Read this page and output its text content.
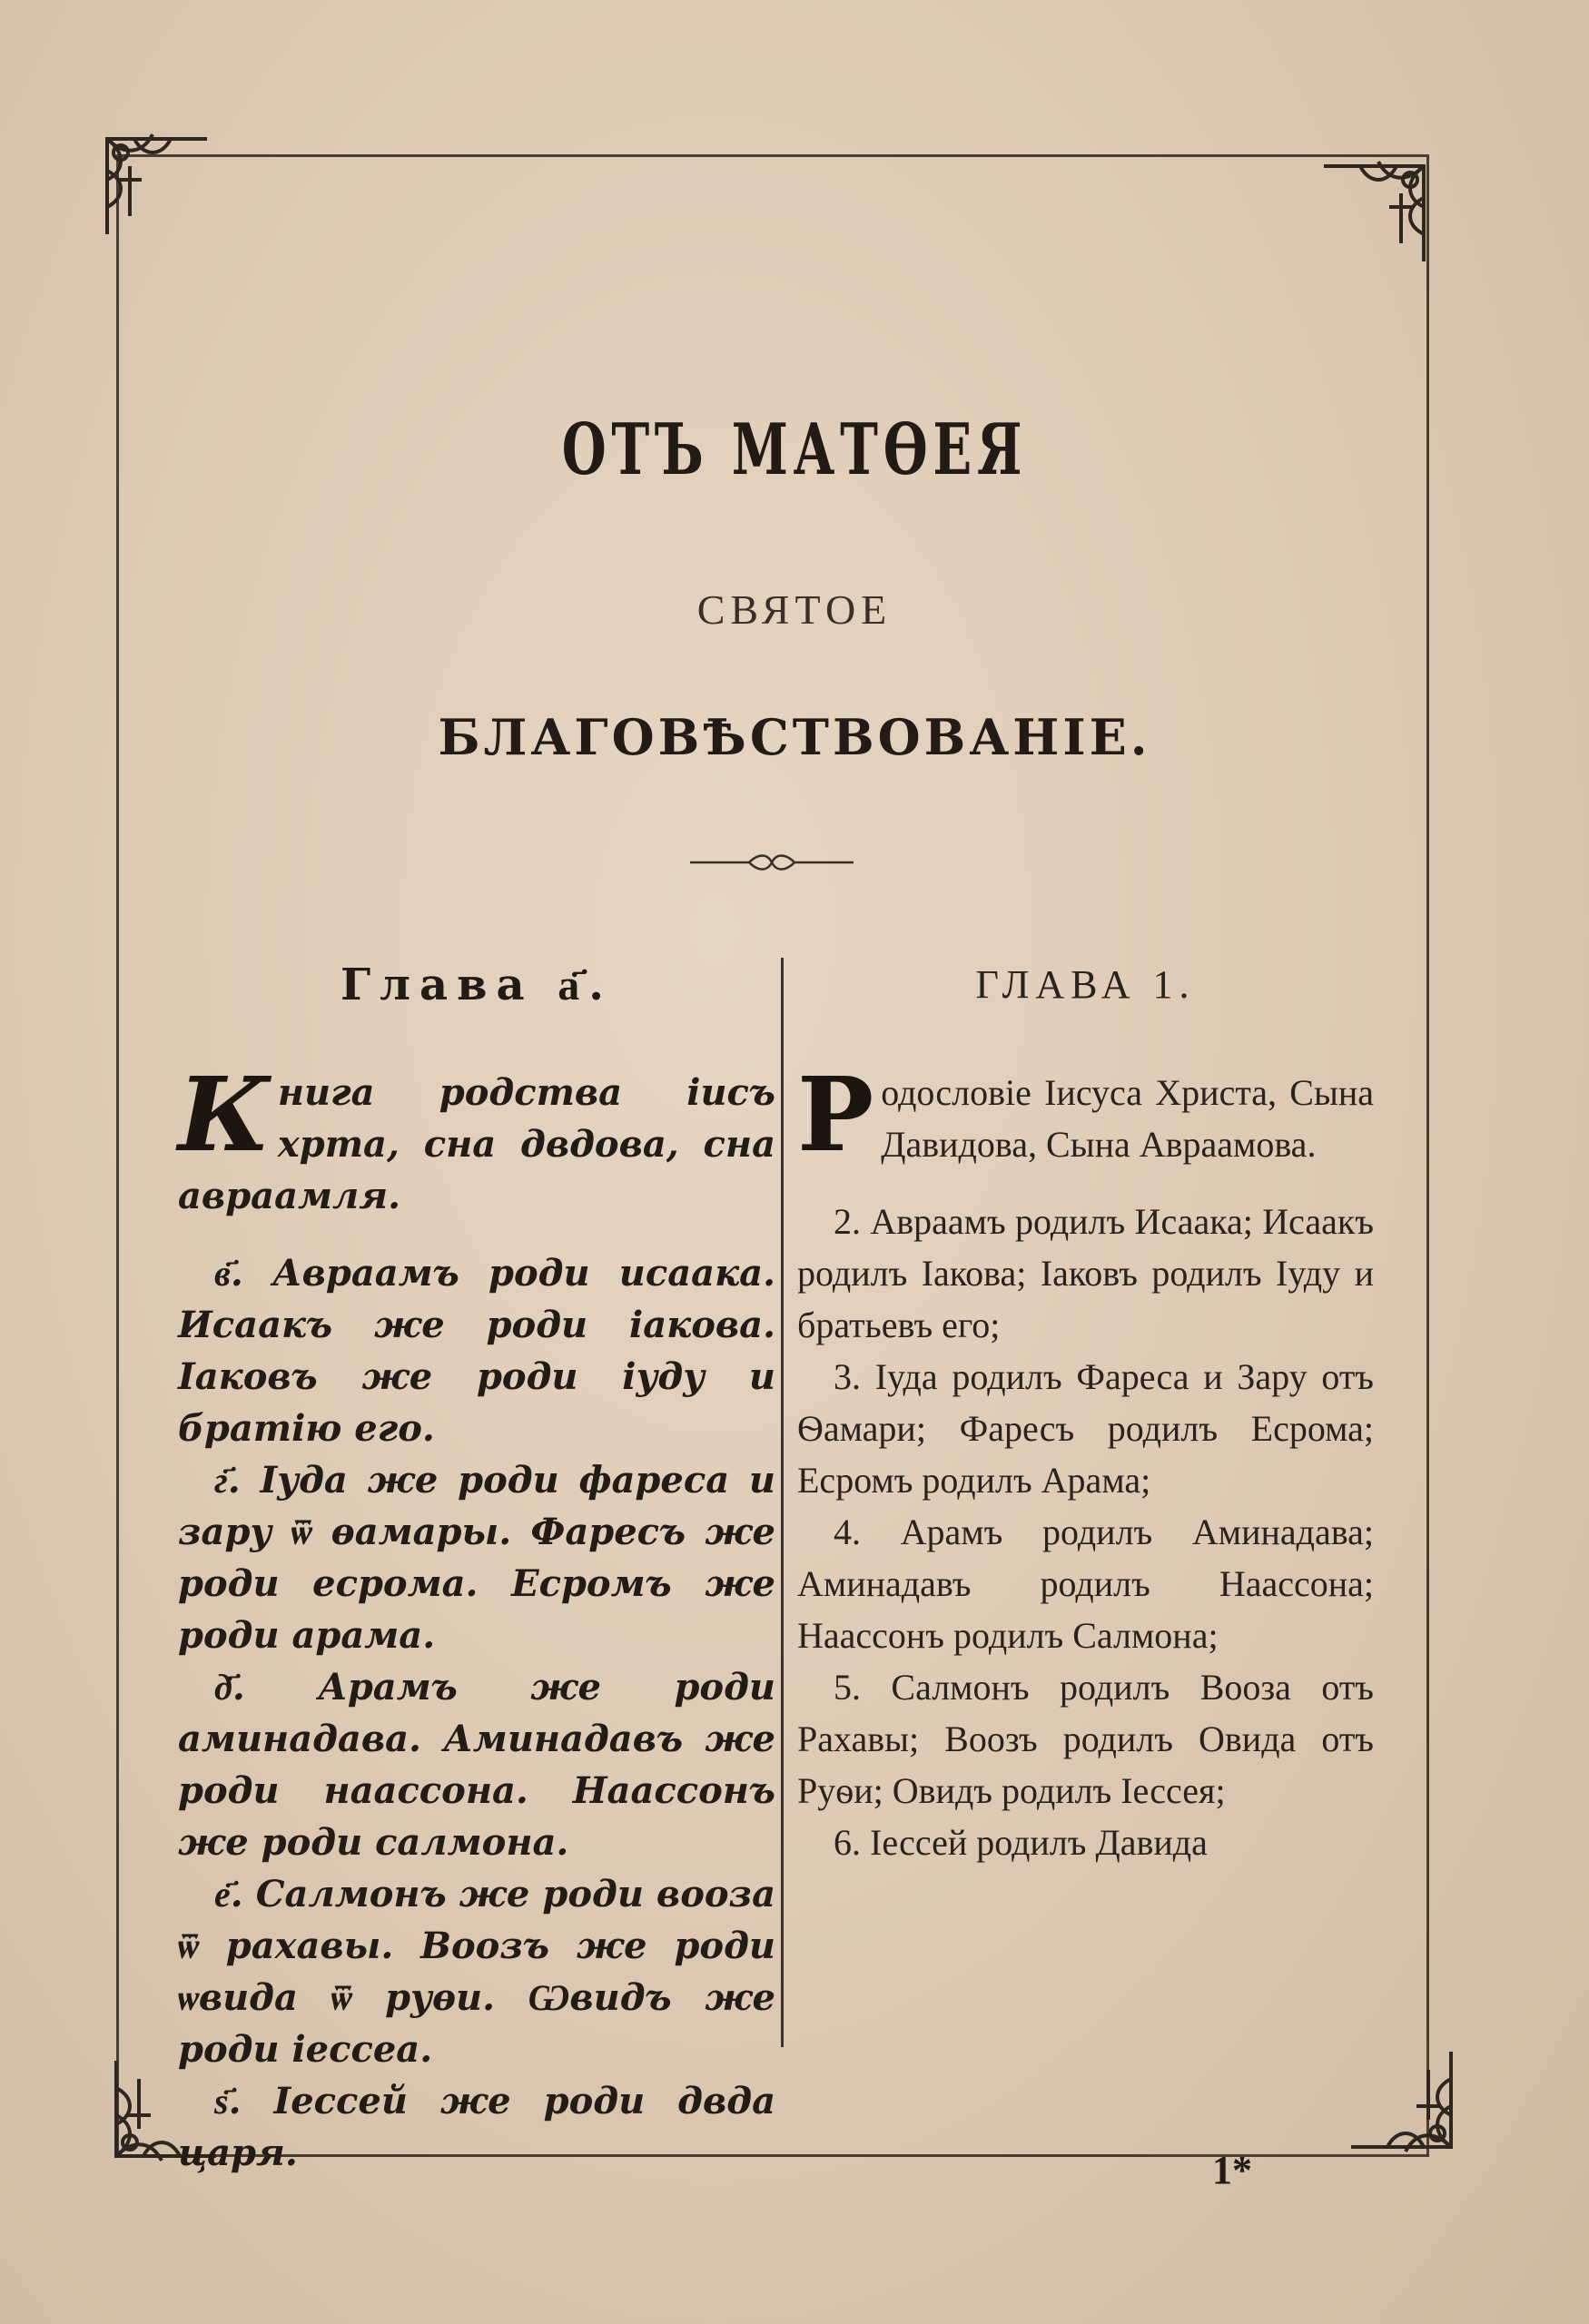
ОТЪ МАТѲЕЯ
СВЯТОЕ
БЛАГОВѢСТВОВАНІЕ.
Глава а҃.

Книга родства іисъ хртa, сна двдова, сна авраамля.

в҃. Авраамъ роди исаака. Исаакъ же роди іакова. Іаковъ же роди іуду и братію его.

г҃. Іуда же роди фареса и зару ѿ ѳамары. Фаресъ же роди есрома. Есромъ же роди арама.

д҃. Арамъ же роди аминадава. Аминадавъ же роди наассона. Наассонъ же роди салмона.

е҃. Салмонъ же роди вооза ѿ рахавы. Воозъ же роди ѡвида ѿ руѳи. Ѡвидъ же роди іессеа.

ѕ҃. Іессей же роди двда царя.

ГЛАВА 1.

Родословіе Іисуса Христа, Сына Давидова, Сына Авраамова.

2. Авраамъ родилъ Исаака; Исаакъ родилъ Іакова; Іаковъ родилъ Іуду и братьевъ его;

3. Іуда родилъ Фареса и Зару отъ Ѳамари; Фаресъ родилъ Есрома; Есромъ родилъ Арама;

4. Арамъ родилъ Аминадава; Аминадавъ родилъ Наассона; Наассонъ родилъ Салмона;

5. Салмонъ родилъ Вооза отъ Рахавы; Воозъ родилъ Овида отъ Руѳи; Овидъ родилъ Іессея;

6. Іессей родилъ Давида

1*
